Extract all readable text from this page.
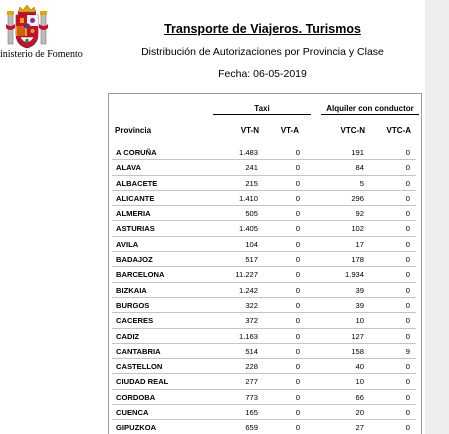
inisterio de Fomento
Transporte de Viajeros. Turismos
Distribución de Autorizaciones por Provincia y Clase
Fecha: 06-05-2019
Taxi	Alquiler con conductor
Provincia	VT-N	VT-A	VTC-N	VTC-A
A CORUÑA	1.483	0	191	0
ALAVA	241	0	84	0
ALBACETE	215	0	5	0
ALICANTE	1.410	0	296	0
ALMERIA	505	0	92	0
ASTURIAS	1.405	0	102	0
AVILA	104	0	17	0
BADAJOZ	517	0	178	0
BARCELONA	11.227	0	1.934	0
BIZKAIA	1.242	0	39	0
BURGOS	322	0	39	0
CACERES	372	0	10	0
CADIZ	1.163	0	127	0
CANTABRIA	514	0	158	9
CASTELLON	228	0	40	0
CIUDAD REAL	277	0	10	0
CORDOBA	773	0	66	0
CUENCA	165	0	20	0
GIPUZKOA	659	0	27	0
